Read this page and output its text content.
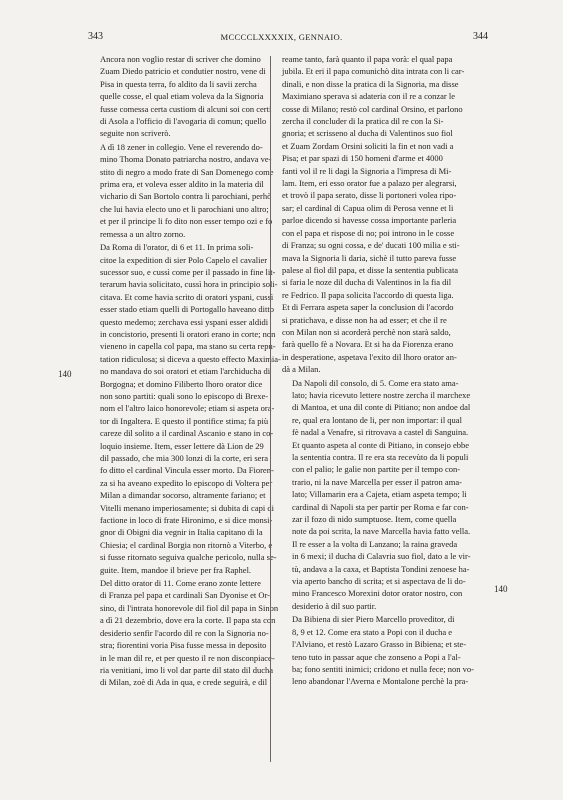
343	MCCCCLXXXXIX, GENNAIO.	344
140
140

Ancora non voglio restar di scriver che domino
Zuam Diedo patricio et condutier nostro, vene di
Pisa in questa terra, fo aldito da li savii zercha
quelle cosse, el qual etiam voleva da la Signoria
fusse comessa certa custiom di alcuni soi con certi
di Asola a l'officio di l'avogaria di comun; quello
seguite non scriverò.

A dì 18 zener in collegio. Vene el reverendo do-
mino Thoma Donato patriarcha nostro, andava ve-
stito di negro a modo frate di San Domenego come
prima era, et voleva esser aldito in la materia dil
vichario di San Bortolo contra li parochiani, perhò
che lui havia electo uno et li parochiani uno altro;
et per il principe li fo dito non esser tempo ozi e fo
remessa a un altro zorno.

Da Roma di l'orator, di 6 et 11. In prima soli-
citoe la expedition di sier Polo Capelo el cavalier
sucessor suo, e cussì come per il passado in fine lit-
terarum havia solicitato, cussì hora in principio soli-
citava. Et come havia scrito di oratori yspani, cussì
esser stado etiam quelli di Portogallo haveano ditto
questo medemo; zerchava essi yspani esser aldidi
in concistorio, presenti li oratori erano in corte; non
vieneno in capella col papa, ma stano su certa repu-
tation ridiculosa; si diceva a questo effecto Maximia-
no mandava do soi oratori et etiam l'archiducha di
Borgogna; et domino Filiberto lhoro orator dice
non sono partiti: quali sono lo episcopo di Brexe-
nom el l'altro laico honorevole; etiam si aspeta ora-
tor di Ingaltera. E questo il pontifice stima; fa più
careze dil solito a il cardinal Ascanio e stano in co-
loquio insieme. Item, esser lettere dà Lion de 29
dil passado, che mia 300 lonzi di la corte, eri sera
fo ditto el cardinal Vincula esser morto. Da Fioren-
za si ha aveano expedito lo episcopo di Voltera per
Milan a dimandar socorso, altramente fariano; et
Vitelli menano imperiosamente; si dubita di capi di
factione in loco di frate Hironimo, e si dice monsi-
gnor di Obigni dia vegnir in Italia capitano di la
Chiesia; el cardinal Borgia non ritornò a Viterbo, e
si fusse ritornato seguiva qualche pericolo, nulla se-
guite. Item, mandoe il brieve per fra Raphel.

Del ditto orator di 11. Come erano zonte lettere
di Franza pel papa et cardinali San Dyonise et Or-
sino, di l'intrata honorevole dil fiol dil papa in Sinon
a dì 21 dezembrio, dove era la corte. Il papa sta con
desiderio senfir l'acordo dil re con la Signoria no-
stra; fiorentini voria Pisa fusse messa in deposito
in le man dil re, et per questo il re non disconpiace-
ria venitiani, imo li vol dar parte dil stato dil ducha
di Milan, zoè di Ada in qua, e crede seguirà, e dil

reame tanto, farà quanto il papa vorà: el qual papa
jubila. Et eri il papa comunichò dita intrata con li car-
dinali, e non disse la pratica di la Signoria, ma disse
Maximiano sperava si adateria con il re a conzar le
cosse di Milano; restò col cardinal Orsino, et parlono
zercha il concluder di la pratica dil re con la Si-
gnoria; et scrisseno al ducha di Valentinos suo fiol
et Zuam Zordam Orsini soliciti la fin et non vadi a
Pisa; et par spazi di 150 homeni d'arme et 4000
fanti vol il re li dagi la Signoria a l'impresa di Mi-
lam. Item, eri esso orator fue a palazo per alegrarsi,
et trovò il papa serato, disse li portoneri volea ripo-
sar; el cardinal di Capua olim di Perosa venne et li
parloe dicendo si havesse cossa importante parleria
con el papa et rispose di no; poi introno in le cosse
di Franza; su ogni cossa, e de' ducati 100 milia e sti-
mava la Signoria li daria, sichè il tutto pareva fusse
palese al fiol dil papa, et disse la sententia publicata
si faria le noze dil ducha di Valentinos in la fia dil
re Fedrico. Il papa solicita l'accordo di questa liga.
Et di Ferrara aspeta saper la conclusion di l'acordo
si pratichava, e disse non ha ad esser; et che il re
con Milan non si acorderà perchè non starà saldo,
farà quello fè a Novara. Et si ha da Fiorenza erano
in desperatione, aspetava l'exito dil lhoro orator an-
dà a Milan.

Da Napoli dil consolo, di 5. Come era stato ama-
lato; havia ricevuto lettere nostre zercha il marchexe
di Mantoa, et una dil conte di Pitiano; non andoe dal
re, qual era lontano de li, per non importar: il qual
fè nadal a Venafre, si ritrovava a castel di Sanguina.
Et quanto aspeta al conte di Pitiano, in consejo ebbe
la sententia contra. Il re era sta recevùto da li populi
con el palio; le galie non partite per il tempo con-
trario, ni la nave Marcella per esser il patron ama-
lato; Villamarin era a Cajeta, etiam aspeta tempo; li
cardinal di Napoli sta per partir per Roma e far con-
zar il fozo di nido sumptuose. Item, come quella
note da poi scrita, la nave Marcella havia fatto vella.
Il re esser a la volta di Lanzano; la raina graveda
in 6 mexi; il ducha di Calavria suo fiol, dato a le vir-
tù, andava a la caxa, et Baptista Tondini zenoese ha-
via aperto bancho di scrita; et si aspectava de li do-
mino Francesco Morexini dotor orator nostro, con
desiderio à dil suo partir.

Da Bibiena di sier Piero Marcello proveditor, di
8, 9 et 12. Come era stato a Popi con il ducha e
l'Alviano, et restò Lazaro Grasso in Bibiena; et ste-
teno tuto in passar aque che zonseno a Popi a l'al-
ba; fono sentiti inimici; cridono et nulla fece; non vo-
leno abandonar l'Averna e Montalone perchè la pra-
